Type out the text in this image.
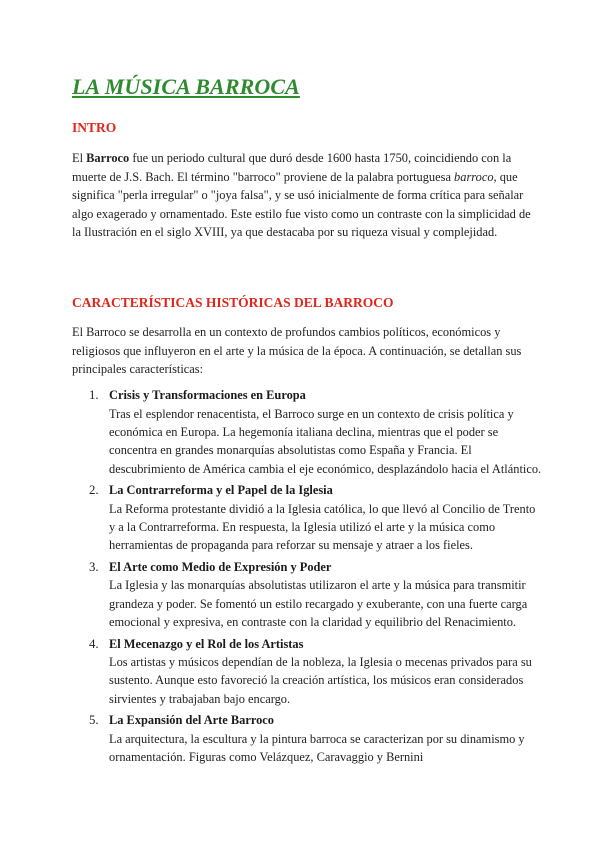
LA MÚSICA BARROCA
INTRO

El Barroco fue un periodo cultural que duró desde 1600 hasta 1750, coincidiendo con la muerte de J.S. Bach. El término "barroco" proviene de la palabra portuguesa barroco, que significa "perla irregular" o "joya falsa", y se usó inicialmente de forma crítica para señalar algo exagerado y ornamentado. Este estilo fue visto como un contraste con la simplicidad de la Ilustración en el siglo XVIII, ya que destacaba por su riqueza visual y complejidad.

CARACTERÍSTICAS HISTÓRICAS DEL BARROCO

El Barroco se desarrolla en un contexto de profundos cambios políticos, económicos y religiosos que influyeron en el arte y la música de la época. A continuación, se detallan sus principales características:

1. Crisis y Transformaciones en Europa
Tras el esplendor renacentista, el Barroco surge en un contexto de crisis política y económica en Europa. La hegemonía italiana declina, mientras que el poder se concentra en grandes monarquías absolutistas como España y Francia. El descubrimiento de América cambia el eje económico, desplazándolo hacia el Atlántico.
2. La Contrarreforma y el Papel de la Iglesia
La Reforma protestante dividió a la Iglesia católica, lo que llevó al Concilio de Trento y a la Contrarreforma. En respuesta, la Iglesia utilizó el arte y la música como herramientas de propaganda para reforzar su mensaje y atraer a los fieles.
3. El Arte como Medio de Expresión y Poder
La Iglesia y las monarquías absolutistas utilizaron el arte y la música para transmitir grandeza y poder. Se fomentó un estilo recargado y exuberante, con una fuerte carga emocional y expresiva, en contraste con la claridad y equilibrio del Renacimiento.
4. El Mecenazgo y el Rol de los Artistas
Los artistas y músicos dependían de la nobleza, la Iglesia o mecenas privados para su sustento. Aunque esto favoreció la creación artística, los músicos eran considerados sirvientes y trabajaban bajo encargo.
5. La Expansión del Arte Barroco
La arquitectura, la escultura y la pintura barroca se caracterizan por su dinamismo y ornamentación. Figuras como Velázquez, Caravaggio y Bernini
